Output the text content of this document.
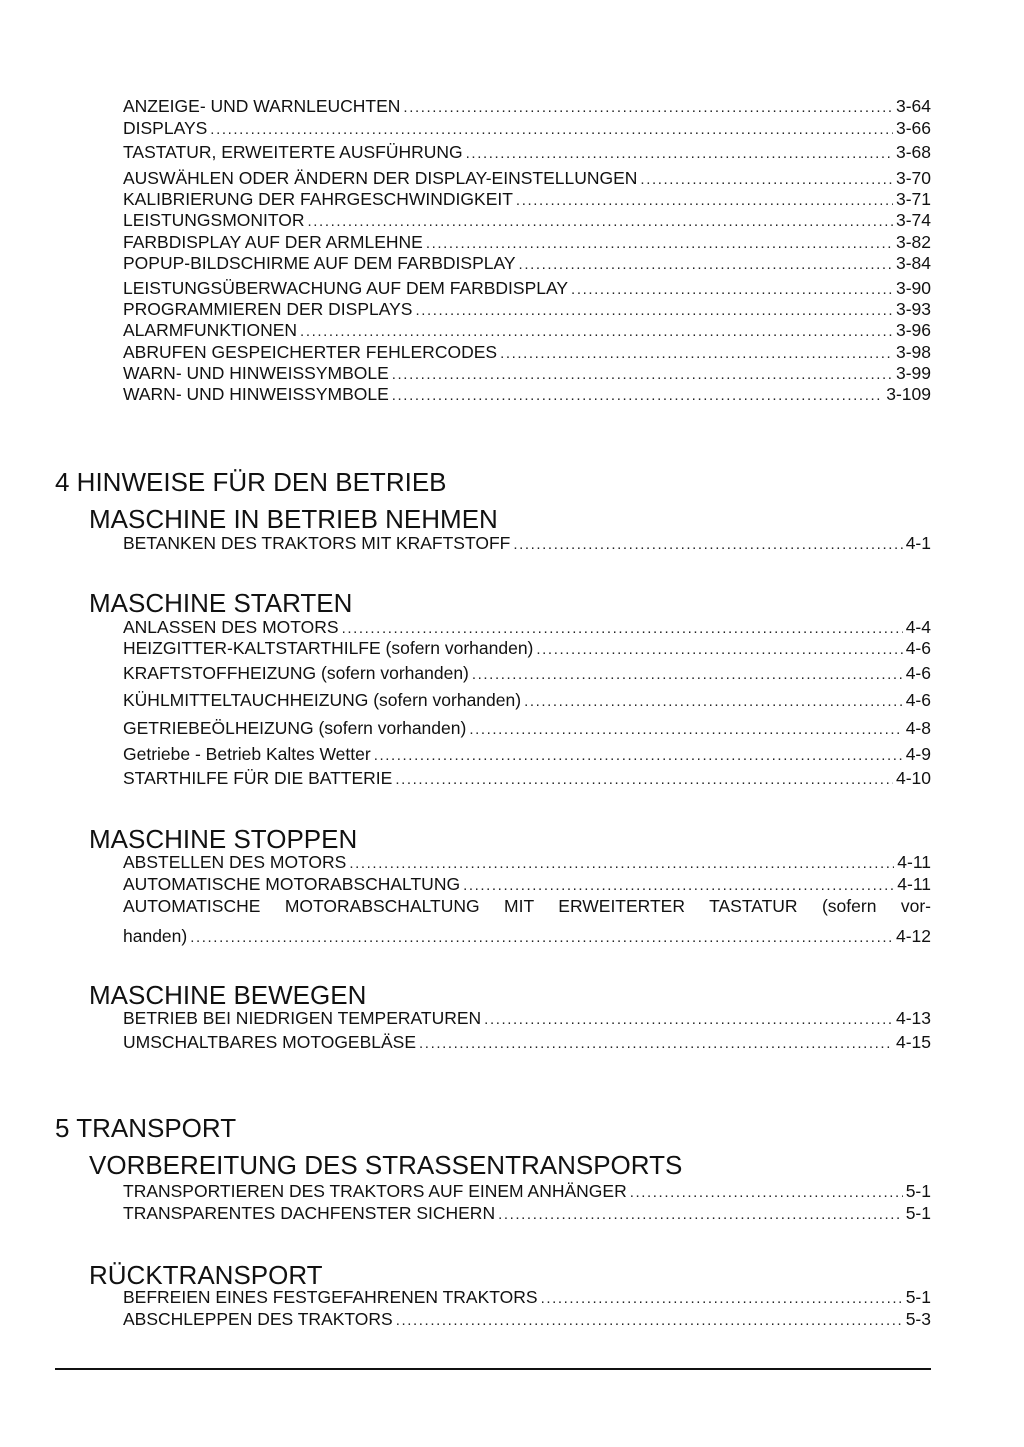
ANZEIGE- UND WARNLEUCHTEN .....	3-64
DISPLAYS .....	3-66
TASTATUR, ERWEITERTE AUSFÜHRUNG .....	3-68
AUSWÄHLEN ODER ÄNDERN DER DISPLAY-EINSTELLUNGEN .....	3-70
KALIBRIERUNG DER FAHRGESCHWINDIGKEIT .....	3-71
LEISTUNGSMONITOR .....	3-74
FARBDISPLAY AUF DER ARMLEHNE .....	3-82
POPUP-BILDSCHIRME AUF DEM FARBDISPLAY .....	3-84
LEISTUNGSÜBERWACHUNG AUF DEM FARBDISPLAY .....	3-90
PROGRAMMIEREN DER DISPLAYS .....	3-93
ALARMFUNKTIONEN .....	3-96
ABRUFEN GESPEICHERTER FEHLERCODES .....	3-98
WARN- UND HINWEISSYMBOLE .....	3-99
WARN- UND HINWEISSYMBOLE .....	3-109
4 HINWEISE FÜR DEN BETRIEB
MASCHINE IN BETRIEB NEHMEN
BETANKEN DES TRAKTORS MIT KRAFTSTOFF .....	4-1
MASCHINE STARTEN
ANLASSEN DES MOTORS .....	4-4
HEIZGITTER-KALTSTARTHILFE (sofern vorhanden) .....	4-6
KRAFTSTOFFHEIZUNG (sofern vorhanden) .....	4-6
KÜHLMITTELTAUCHHEIZUNG (sofern vorhanden) .....	4-6
GETRIEBEÖLHEIZUNG (sofern vorhanden) .....	4-8
Getriebe - Betrieb Kaltes Wetter .....	4-9
STARTHILFE FÜR DIE BATTERIE .....	4-10
MASCHINE STOPPEN
ABSTELLEN DES MOTORS .....	4-11
AUTOMATISCHE MOTORABSCHALTUNG .....	4-11
AUTOMATISCHE MOTORABSCHALTUNG MIT ERWEITERTER TASTATUR (sofern vor-
handen) .....	4-12
MASCHINE BEWEGEN
BETRIEB BEI NIEDRIGEN TEMPERATUREN .....	4-13
UMSCHALTBARES MOTOGEBLÄSE .....	4-15
5 TRANSPORT
VORBEREITUNG DES STRASSENTRANSPORTS
TRANSPORTIEREN DES TRAKTORS AUF EINEM ANHÄNGER .....	5-1
TRANSPARENTES DACHFENSTER SICHERN .....	5-1
RÜCKTRANSPORT
BEFREIEN EINES FESTGEFAHRENEN TRAKTORS .....	5-1
ABSCHLEPPEN DES TRAKTORS .....	5-3
